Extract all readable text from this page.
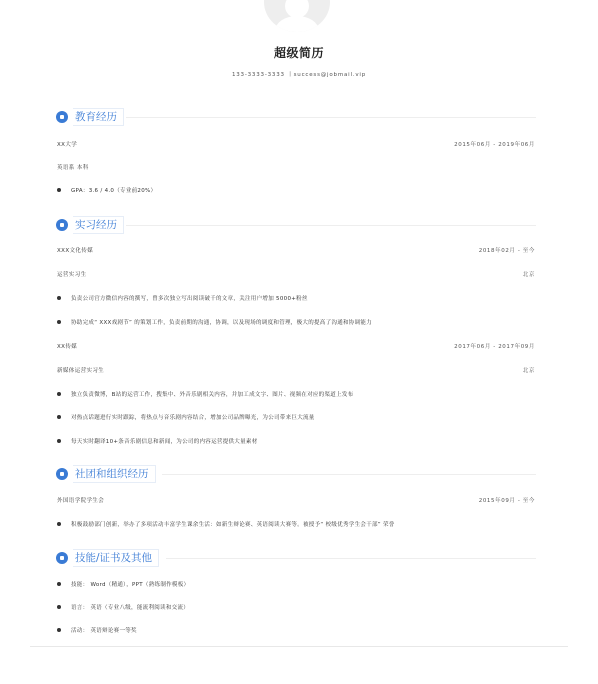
超级简历
133-3333-3333 丨success@jobmail.vip
教育经历
XX大学	2015年06月 - 2019年06月
英语系 本科
GPA：3.6 / 4.0（专业前20%）
实习经历
XXX文化传媒	2018年02月 - 至今
运营实习生	北京
负责公司官方微信内容的撰写，曾多次独立写出阅读破千的文章，关注用户增加 5000+粉丝
协助完成“ XXX戏剧节” 的策划工作，负责前期的沟通，协调，以及现场的调度和管理，极大的提高了沟通和协调能力
XX传媒	2017年06月 - 2017年09月
新媒体运营实习生	北京
独立负责微博，B站的运营工作，搜集中、外音乐剧相关内容，并加工成文字、图片、视频在对应的渠道上发布
对热点话题进行实时跟踪，将热点与音乐剧内容结合，增加公司品牌曝光，为公司带来巨大流量
每天实时翻译10+条音乐剧信息和新闻，为公司的内容运营提供大量素材
社团和组织经历
外国语学院学生会	2015年09月 - 至今
积极鼓励部门创新，举办了多项活动丰富学生课余生活：如新生辩论赛、英语阅读大赛等。被授予“ 校级优秀学生会干部” 荣誉
技能/证书及其他
技能： Word（精通），PPT（熟练制作模板）
语言： 英语（专业八级，能流利阅读和交流）
活动： 英语辩论赛一等奖
